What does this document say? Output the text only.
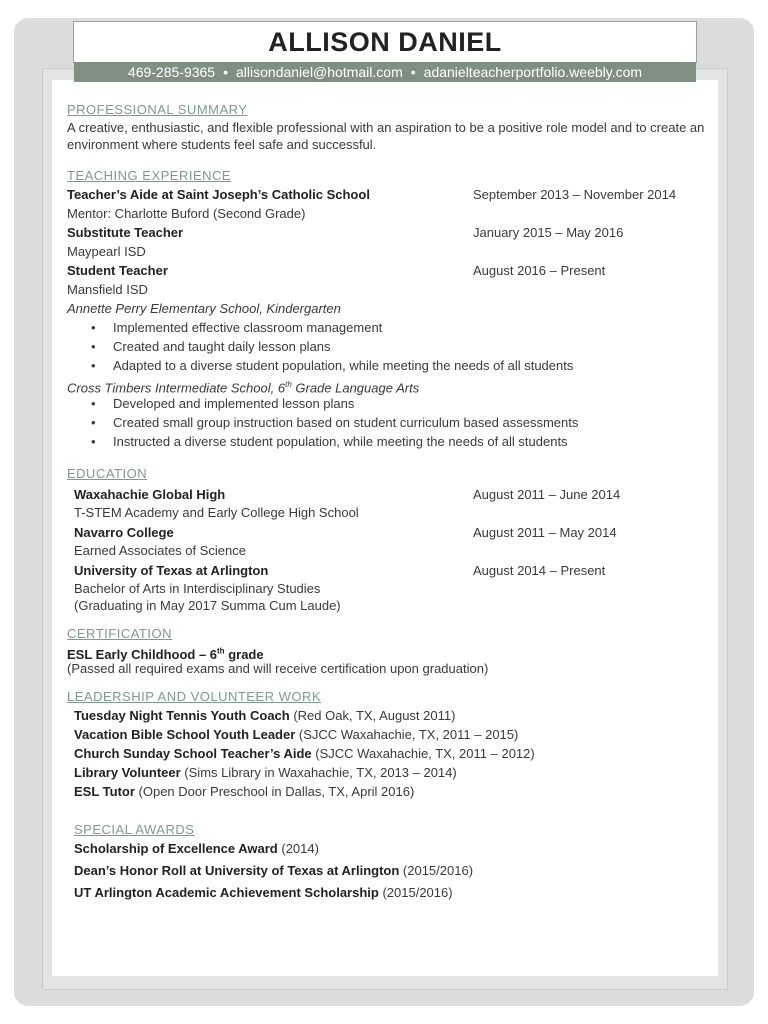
ALLISON DANIEL
469-285-9365 • allisondaniel@hotmail.com • adanielteacherportfolio.weebly.com
PROFESSIONAL SUMMARY
A creative, enthusiastic, and flexible professional with an aspiration to be a positive role model and to create an environment where students feel safe and successful.
TEACHING EXPERIENCE
Teacher’s Aide at Saint Joseph’s Catholic School	September 2013 – November 2014
Mentor: Charlotte Buford (Second Grade)
Substitute Teacher	January 2015 – May 2016
Maypearl ISD
Student Teacher	August 2016 – Present
Mansfield ISD
Annette Perry Elementary School, Kindergarten
• Implemented effective classroom management
• Created and taught daily lesson plans
• Adapted to a diverse student population, while meeting the needs of all students
Cross Timbers Intermediate School, 6th Grade Language Arts
• Developed and implemented lesson plans
• Created small group instruction based on student curriculum based assessments
• Instructed a diverse student population, while meeting the needs of all students
EDUCATION
Waxahachie Global High	August 2011 – June 2014
T-STEM Academy and Early College High School
Navarro College	August 2011 – May 2014
Earned Associates of Science
University of Texas at Arlington	August 2014 – Present
Bachelor of Arts in Interdisciplinary Studies
(Graduating in May 2017 Summa Cum Laude)
CERTIFICATION
ESL Early Childhood – 6th grade
(Passed all required exams and will receive certification upon graduation)
LEADERSHIP AND VOLUNTEER WORK
Tuesday Night Tennis Youth Coach (Red Oak, TX, August 2011)
Vacation Bible School Youth Leader (SJCC Waxahachie, TX, 2011 – 2015)
Church Sunday School Teacher’s Aide (SJCC Waxahachie, TX, 2011 – 2012)
Library Volunteer (Sims Library in Waxahachie, TX, 2013 – 2014)
ESL Tutor (Open Door Preschool in Dallas, TX, April 2016)
SPECIAL AWARDS
Scholarship of Excellence Award (2014)
Dean’s Honor Roll at University of Texas at Arlington (2015/2016)
UT Arlington Academic Achievement Scholarship (2015/2016)
